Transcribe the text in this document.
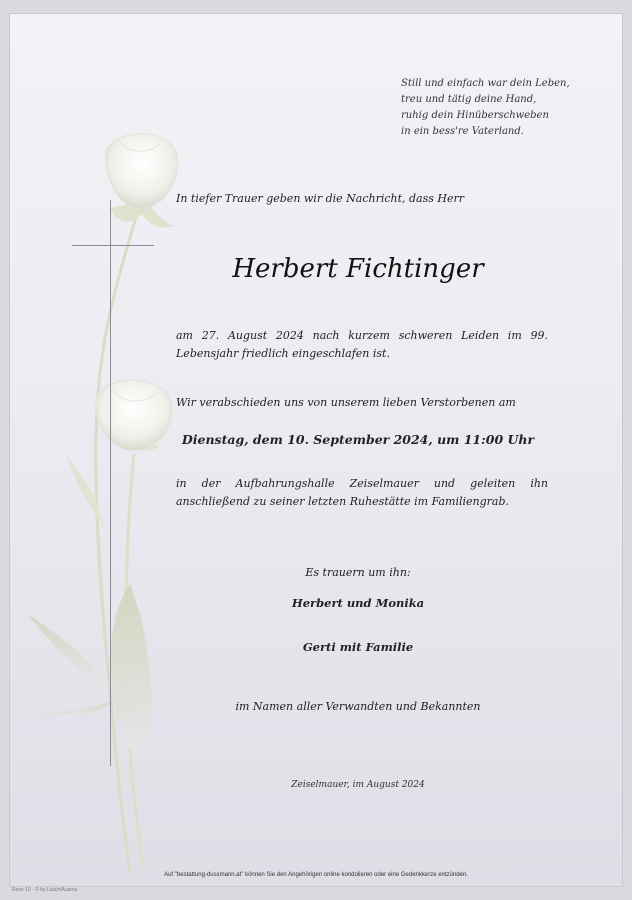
Still und einfach war dein Leben,
treu und tätig deine Hand,
ruhig dein Hinüberschweben
in ein bess're Vaterland.
In tiefer Trauer geben wir die Nachricht, dass Herr
Herbert Fichtinger
am 27. August 2024 nach kurzem schweren Leiden im 99. Lebensjahr friedlich eingeschlafen ist.
Wir verabschieden uns von unserem lieben Verstorbenen am
Dienstag, dem 10. September 2024, um 11:00 Uhr
in der Aufbahrungshalle Zeiselmauer und geleiten ihn anschließend zu seiner letzten Ruhestätte im Familiengrab.
Es trauern um ihn:
Herbert und Monika
Gerti mit Familie
im Namen aller Verwandten und Bekannten
Zeiselmauer, im August 2024
Auf "bestattung-dussmann.at" können Sie den Angehörigen online kondolieren oder eine Gedenkkerze entzünden.
Rose 10 - © by Lüsch/Austria
